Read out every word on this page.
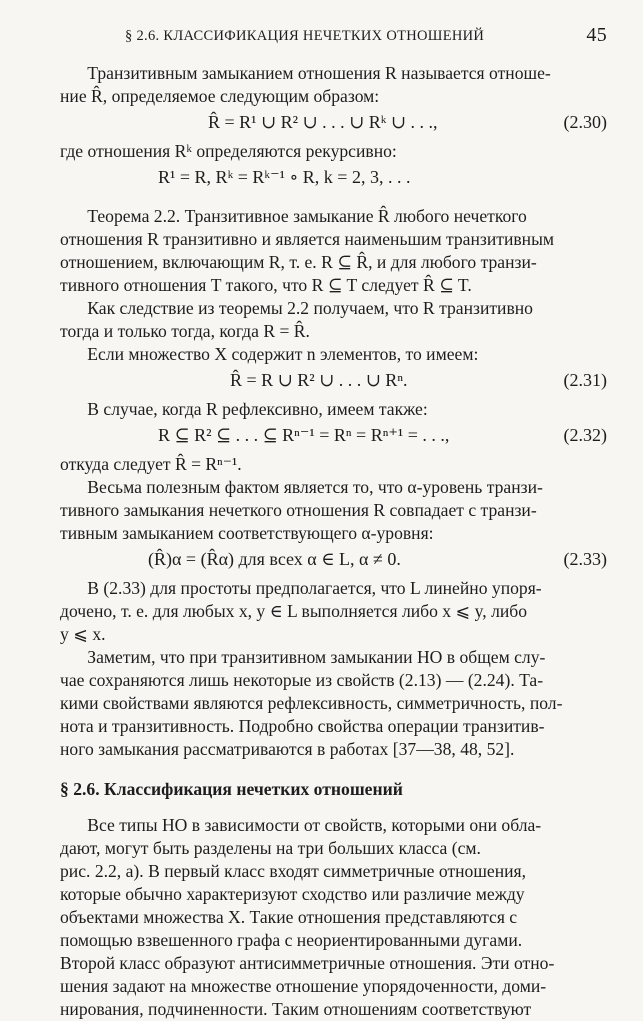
§ 2.6. КЛАССИФИКАЦИЯ НЕЧЕТКИХ ОТНОШЕНИЙ	45

Транзитивным замыканием отношения R называется отноше-

ние R̂, определяемое следующим образом:

R̂ = R¹ ∪ R² ∪ . . . ∪ Rᵏ ∪ . . .,	(2.30)

где отношения Rᵏ определяются рекурсивно:

R¹ = R, Rᵏ = Rᵏ⁻¹ ∘ R, k = 2, 3, . . .

Теорема 2.2. Транзитивное замыкание R̂ любого нечеткого

отношения R транзитивно и является наименьшим транзитивным

отношением, включающим R, т. е. R ⊆ R̂, и для любого транзи-

тивного отношения T такого, что R ⊆ T следует R̂ ⊆ T.

Как следствие из теоремы 2.2 получаем, что R транзитивно

тогда и только тогда, когда R = R̂.

Если множество X содержит n элементов, то имеем:

R̂ = R ∪ R² ∪ . . . ∪ Rⁿ.	(2.31)

В случае, когда R рефлексивно, имеем также:

R ⊆ R² ⊆ . . . ⊆ Rⁿ⁻¹ = Rⁿ = Rⁿ⁺¹ = . . .,	(2.32)

откуда следует R̂ = Rⁿ⁻¹.

Весьма полезным фактом является то, что α-уровень транзи-

тивного замыкания нечеткого отношения R совпадает с транзи-

тивным замыканием соответствующего α-уровня:

(R̂)α = (R̂α) для всех α ∈ L, α ≠ 0.	(2.33)

В (2.33) для простоты предполагается, что L линейно упоря-

дочено, т. е. для любых x, y ∈ L выполняется либо x ⩽ y, либо

y ⩽ x.

Заметим, что при транзитивном замыкании НО в общем слу-

чае сохраняются лишь некоторые из свойств (2.13) — (2.24). Та-

кими свойствами являются рефлексивность, симметричность, пол-

нота и транзитивность. Подробно свойства операции транзитив-

ного замыкания рассматриваются в работах [37—38, 48, 52].

§ 2.6. Классификация нечетких отношений

Все типы НО в зависимости от свойств, которыми они обла-

дают, могут быть разделены на три больших класса (см.

рис. 2.2, а). В первый класс входят симметричные отношения,

которые обычно характеризуют сходство или различие между

объектами множества X. Такие отношения представляются с

помощью взвешенного графа с неориентированными дугами.

Второй класс образуют антисимметричные отношения. Эти отно-

шения задают на множестве отношение упорядоченности, доми-

нирования, подчиненности. Таким отношениям соответствуют
